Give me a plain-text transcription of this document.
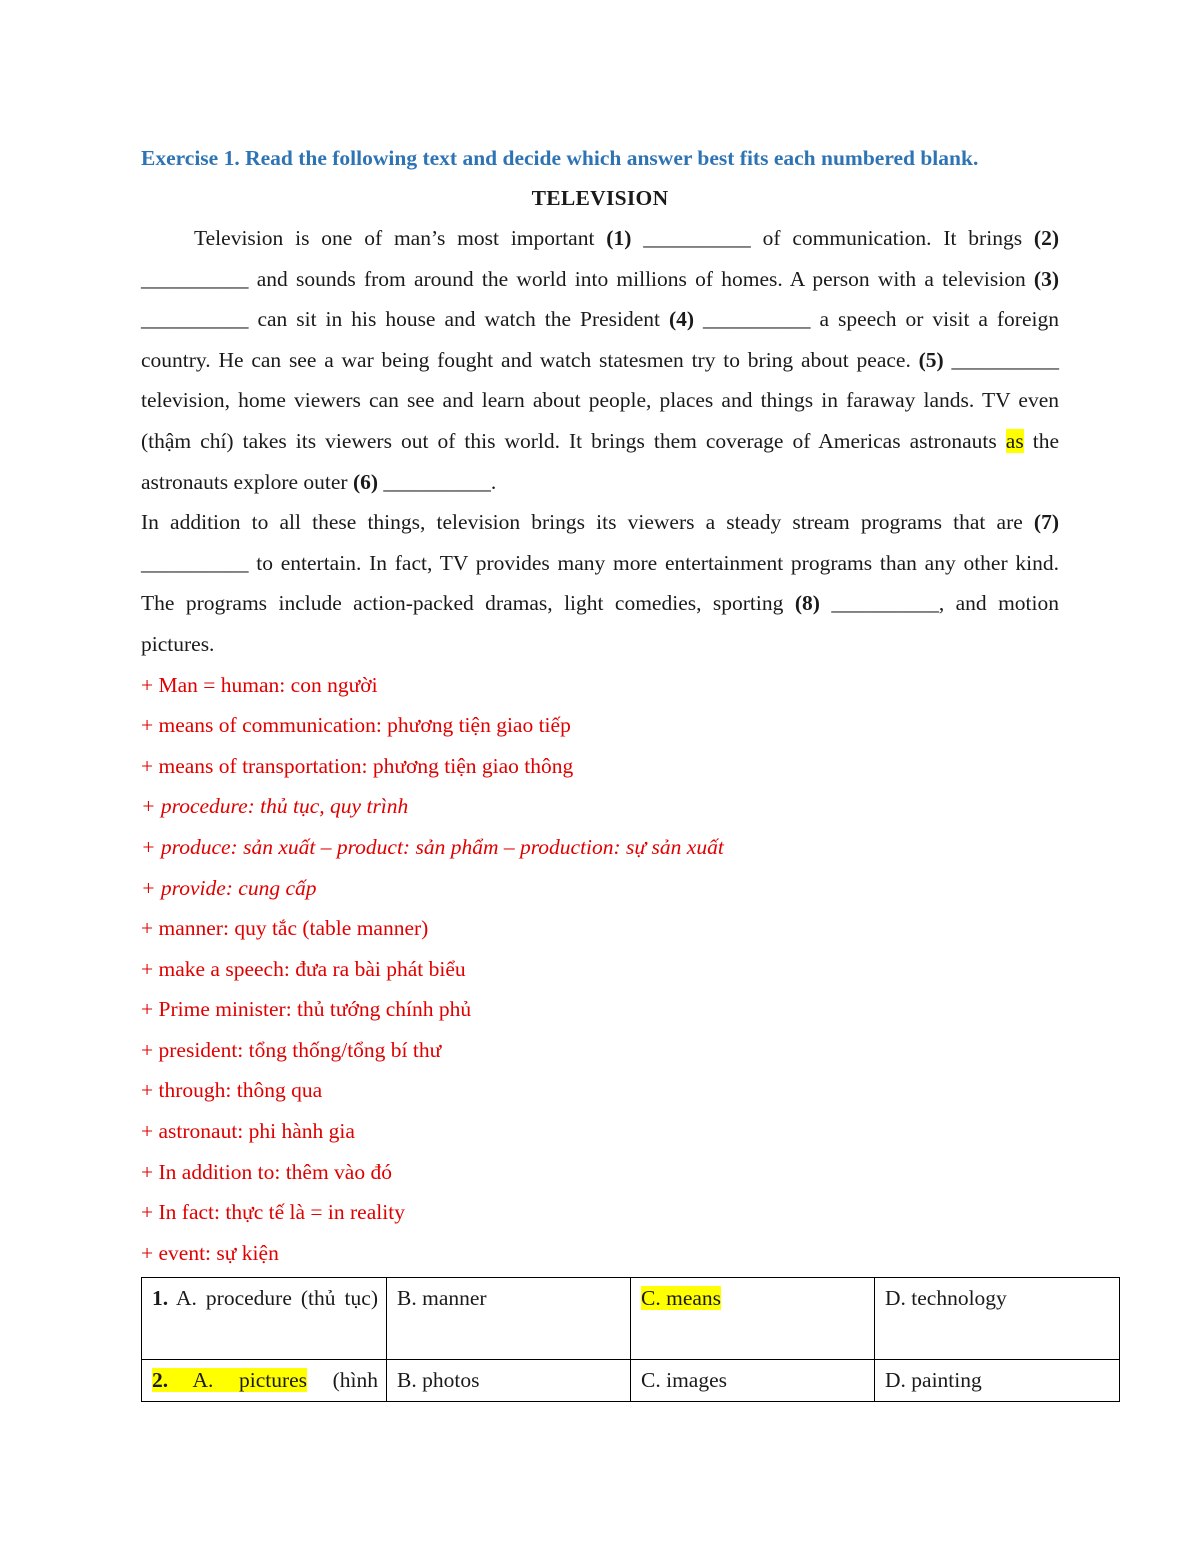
Exercise 1. Read the following text and decide which answer best fits each numbered blank.

TELEVISION

Television is one of man’s most important (1) __________ of communication. It brings (2) __________ and sounds from around the world into millions of homes. A person with a television (3) __________ can sit in his house and watch the President (4) __________ a speech or visit a foreign country. He can see a war being fought and watch statesmen try to bring about peace. (5) __________ television, home viewers can see and learn about people, places and things in faraway lands. TV even (thậm chí) takes its viewers out of this world. It brings them coverage of Americas astronauts as the astronauts explore outer (6) __________.

In addition to all these things, television brings its viewers a steady stream programs that are (7) __________ to entertain. In fact, TV provides many more entertainment programs than any other kind. The programs include action-packed dramas, light comedies, sporting (8) __________, and motion pictures.

+ Man = human: con người
+ means of communication: phương tiện giao tiếp
+ means of transportation: phương tiện giao thông
+ procedure: thủ tục, quy trình
+ produce: sản xuất – product: sản phẩm – production: sự sản xuất
+ provide: cung cấp
+ manner: quy tắc (table manner)
+ make a speech: đưa ra bài phát biểu
+ Prime minister: thủ tướng chính phủ
+ president: tổng thống/tổng bí thư
+ through: thông qua
+ astronaut: phi hành gia
+ In addition to: thêm vào đó
+ In fact: thực tế là = in reality
+ event: sự kiện
1. A. procedure (thủ tục)	B. manner	C. means	D. technology
2. A. pictures (hình	B. photos	C. images	D. painting
